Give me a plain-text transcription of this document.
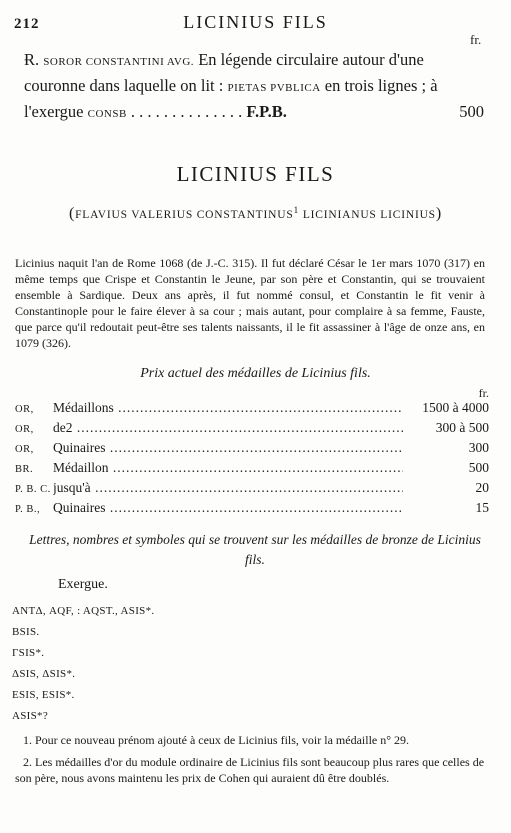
212	LICINIUS FILS
fr.

Ɍ. SOROR CONSTANTINI AVG. En légende circulaire autour d'une couronne dans laquelle on lit : PIETAS PVBLICA en trois lignes ; à l'exergue CONSB . . . . . . . . . . . . . . F.P.B.	500

LICINIUS FILS
(FLAVIUS VALERIUS CONSTANTINUS$^1$ LICINIANUS LICINIUS)

Licinius naquit l'an de Rome 1068 (de J.-C. 315). Il fut déclaré César le 1er mars 1070 (317) en même temps que Crispe et Constantin le Jeune, par son père et Constantin, qui se trouvaient ensemble à Sardique. Deux ans après, il fut nommé consul, et Constantin le fit venir à Constantinople pour le faire élever à sa cour ; mais autant, pour complaire à sa femme, Fauste, que parce qu'il redoutait peut-être ses talents naissants, il le fit assassiner à l'âge de onze ans, en 1079 (326).

Prix actuel des médailles de Licinius fils.
fr.
OR,	Médaillons .....	1500 à 4000
OR,	de2 .....	300 à 500
OR,	Quinaires .....	300
BR.	Médaillon .....	500
P. B. C. jusqu'à .....	20
P. B., Quinaires .....	15
Lettres, nombres et symboles qui se trouvent sur les médailles de bronze de Licinius fils.
Exergue.
ANTΔ, AQF, : AQST., ASIS*.
BSIS.
ΓSIS*.
ΔSIS, ΔSIS*.
ESIS, ESIS*.
ASIS*?

1. Pour ce nouveau prénom ajouté à ceux de Licinius fils, voir la médaille n° 29.

2. Les médailles d'or du module ordinaire de Licinius fils sont beaucoup plus rares que celles de son père, nous avons maintenu les prix de Cohen qui auraient dû être doublés.
